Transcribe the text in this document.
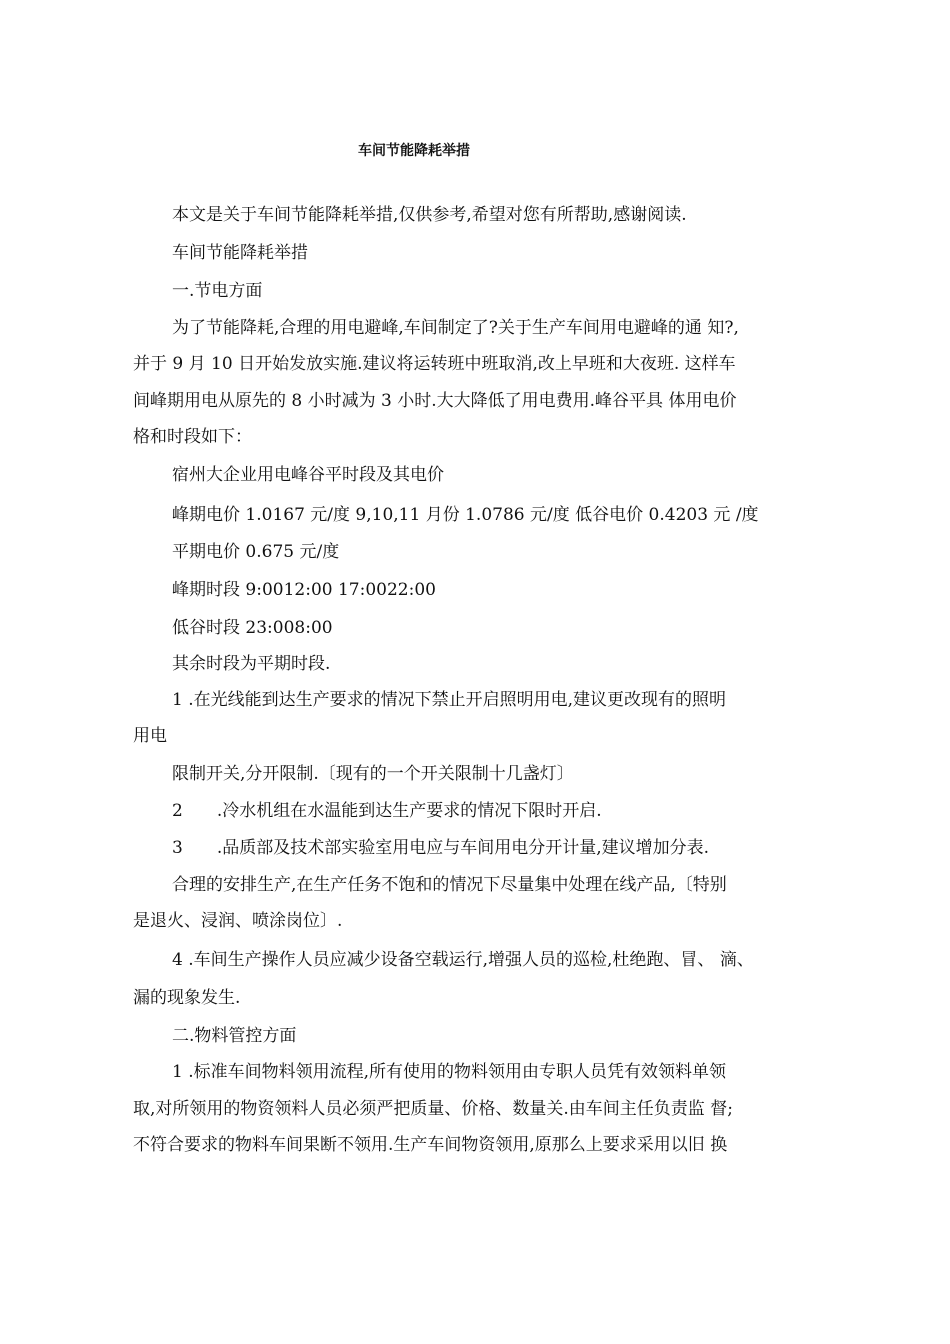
车间节能降耗举措
本文是关于车间节能降耗举措,仅供参考,希望对您有所帮助,感谢阅读.
车间节能降耗举措
一.节电方面
为了节能降耗,合理的用电避峰,车间制定了?关于生产车间用电避峰的通 知?,
并于 9 月 10 日开始发放实施.建议将运转班中班取消,改上早班和大夜班. 这样车
间峰期用电从原先的 8 小时减为 3 小时.大大降低了用电费用.峰谷平具 体用电价
格和时段如下：
宿州大企业用电峰谷平时段及其电价
峰期电价 1.0167 元/度 9,10,11 月份 1.0786 元/度 低谷电价 0.4203 元 /度
平期电价 0.675 元/度
峰期时段 9:0012:00 17:0022:00
低谷时段 23:008:00
其余时段为平期时段.
1 .在光线能到达生产要求的情况下禁止开启照明用电,建议更改现有的照明
用电
限制开关,分开限制.〔现有的一个开关限制十几盏灯〕
2　　.冷水机组在水温能到达生产要求的情况下限时开启.
3　　.品质部及技术部实验室用电应与车间用电分开计量,建议增加分表.
合理的安排生产,在生产任务不饱和的情况下尽量集中处理在线产品,〔特别
是退火、浸润、喷涂岗位〕.
4 .车间生产操作人员应减少设备空载运行,增强人员的巡检,杜绝跑、冒、 滴、
漏的现象发生.
二.物料管控方面
1 .标准车间物料领用流程,所有使用的物料领用由专职人员凭有效领料单领
取,对所领用的物资领料人员必须严把质量、价格、数量关.由车间主任负责监 督;
不符合要求的物料车间果断不领用.生产车间物资领用,原那么上要求采用以旧 换
